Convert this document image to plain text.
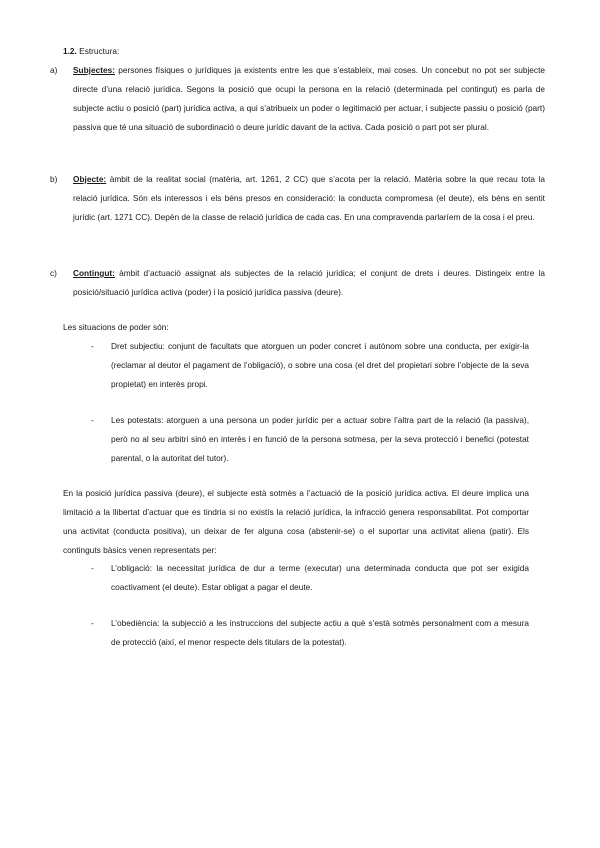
1.2. Estructura:
a) Subjectes: persones físiques o jurídiques ja existents entre les que s’estableix, mai coses. Un concebut no pot ser subjecte directe d’una relació jurídica. Segons la posició que ocupi la persona en la relació (determinada pel contingut) es parla de subjecte actiu o posició (part) jurídica activa, a qui s’atribueix un poder o legitimació per actuar, i subjecte passiu o posició (part) passiva que té una situació de subordinació o deure jurídic davant de la activa. Cada posició o part pot ser plural.
b) Objecte: àmbit de la realitat social (matèria, art. 1261, 2 CC) que s’acota per la relació. Matèria sobre la que recau tota la relació jurídica. Són els interessos i els béns presos en consideració: la conducta compromesa (el deute), els béns en sentit jurídic (art. 1271 CC). Depèn de la classe de relació jurídica de cada cas. En una compravenda parlaríem de la cosa i el preu.
c) Contingut: àmbit d’actuació assignat als subjectes de la relació jurídica; el conjunt de drets i deures. Distingeix entre la posició/situació jurídica activa (poder) i la posició jurídica passiva (deure).
Les situacions de poder són:
- Dret subjectiu: conjunt de facultats que atorguen un poder concret i autònom sobre una conducta, per exigir-la (reclamar al deutor el pagament de l’obligació), o sobre una cosa (el dret del propietari sobre l’objecte de la seva propietat) en interès propi.
- Les potestats: atorguen a una persona un poder jurídic per a actuar sobre l’altra part de la relació (la passiva), però no al seu arbitri sinó en interès i en funció de la persona sotmesa, per la seva protecció i benefici (potestat parental, o la autoritat del tutor).
En la posició jurídica passiva (deure), el subjecte està sotmès a l’actuació de la posició jurídica activa. El deure implica una limitació a la llibertat d’actuar que es tindria si no existís la relació jurídica, la infracció genera responsabilitat. Pot comportar una activitat (conducta positiva), un deixar de fer alguna cosa (abstenir-se) o el suportar una activitat aliena (patir). Els continguts bàsics venen representats per:
- L’obligació: la necessitat jurídica de dur a terme (executar) una determinada conducta que pot ser exigida coactivament (el deute). Estar obligat a pagar el deute.
- L’obediència: la subjecció a les instruccions del subjecte actiu a què s’està sotmès personalment com a mesura de protecció (així, el menor respecte dels titulars de la potestat).
